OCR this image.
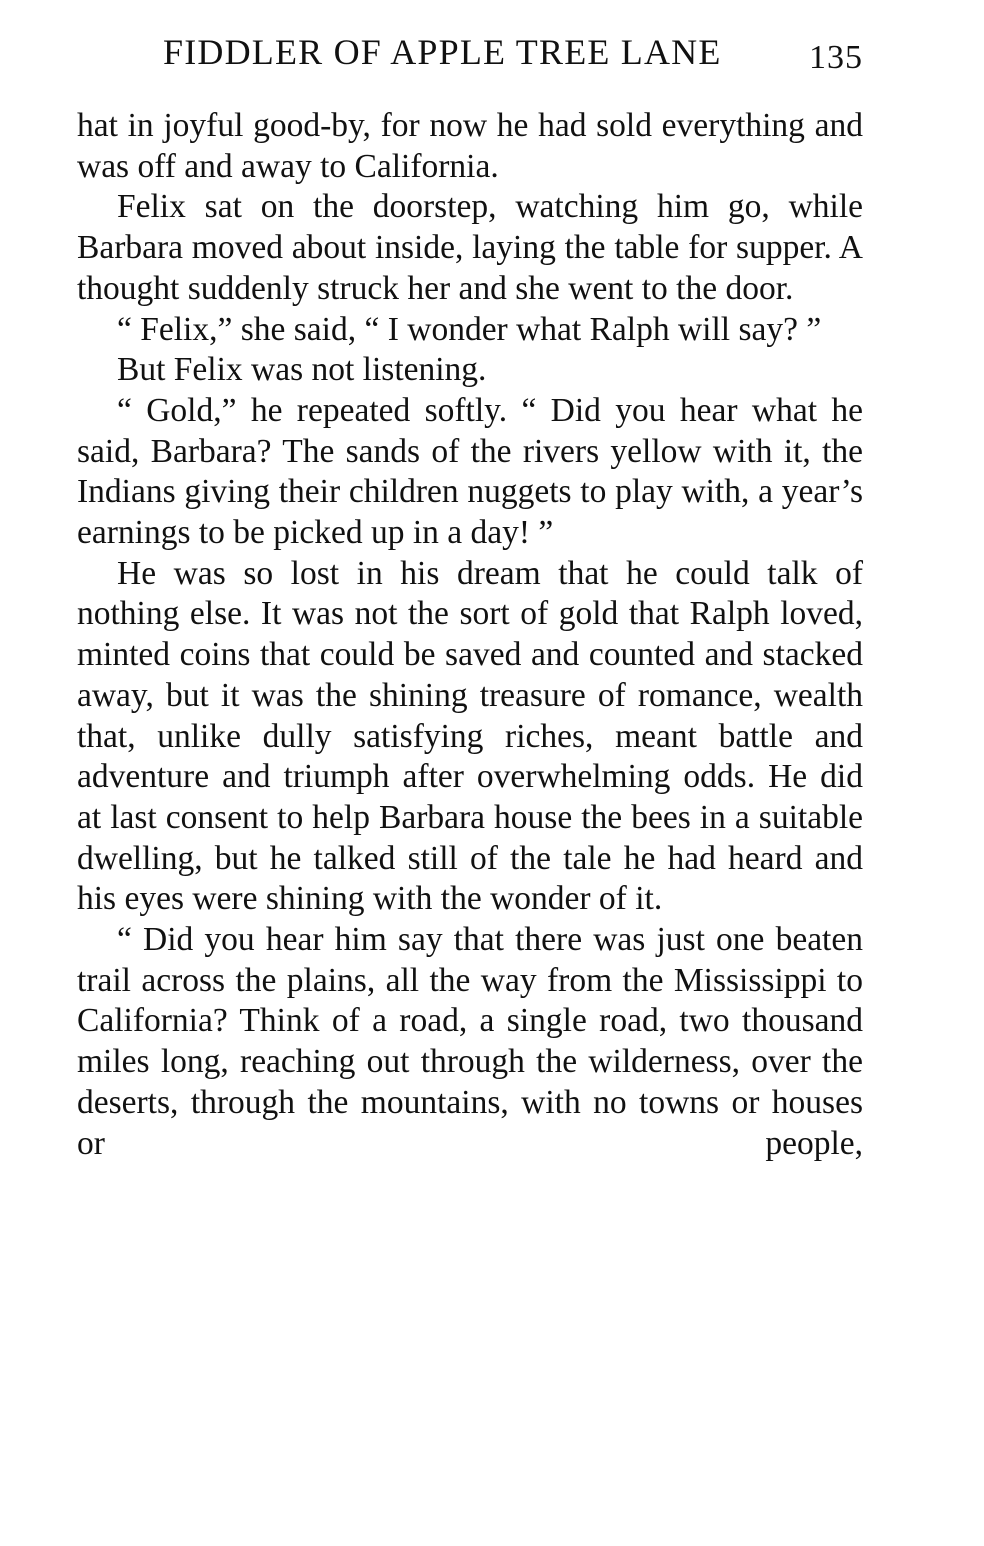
FIDDLER OF APPLE TREE LANE	135

hat in joyful good-by, for now he had sold everything and was off and away to California.

Felix sat on the doorstep, watching him go, while Barbara moved about inside, laying the table for supper. A thought suddenly struck her and she went to the door.

“ Felix,” she said, “ I wonder what Ralph will say? ”

But Felix was not listening.

“ Gold,” he repeated softly. “ Did you hear what he said, Barbara? The sands of the rivers yellow with it, the Indians giving their children nuggets to play with, a year’s earnings to be picked up in a day! ”

He was so lost in his dream that he could talk of nothing else. It was not the sort of gold that Ralph loved, minted coins that could be saved and counted and stacked away, but it was the shining treasure of romance, wealth that, unlike dully satisfying riches, meant battle and adventure and triumph after overwhelming odds. He did at last consent to help Barbara house the bees in a suitable dwelling, but he talked still of the tale he had heard and his eyes were shining with the wonder of it.

“ Did you hear him say that there was just one beaten trail across the plains, all the way from the Mississippi to California? Think of a road, a single road, two thousand miles long, reaching out through the wilderness, over the deserts, through the mountains, with no towns or houses or people,
